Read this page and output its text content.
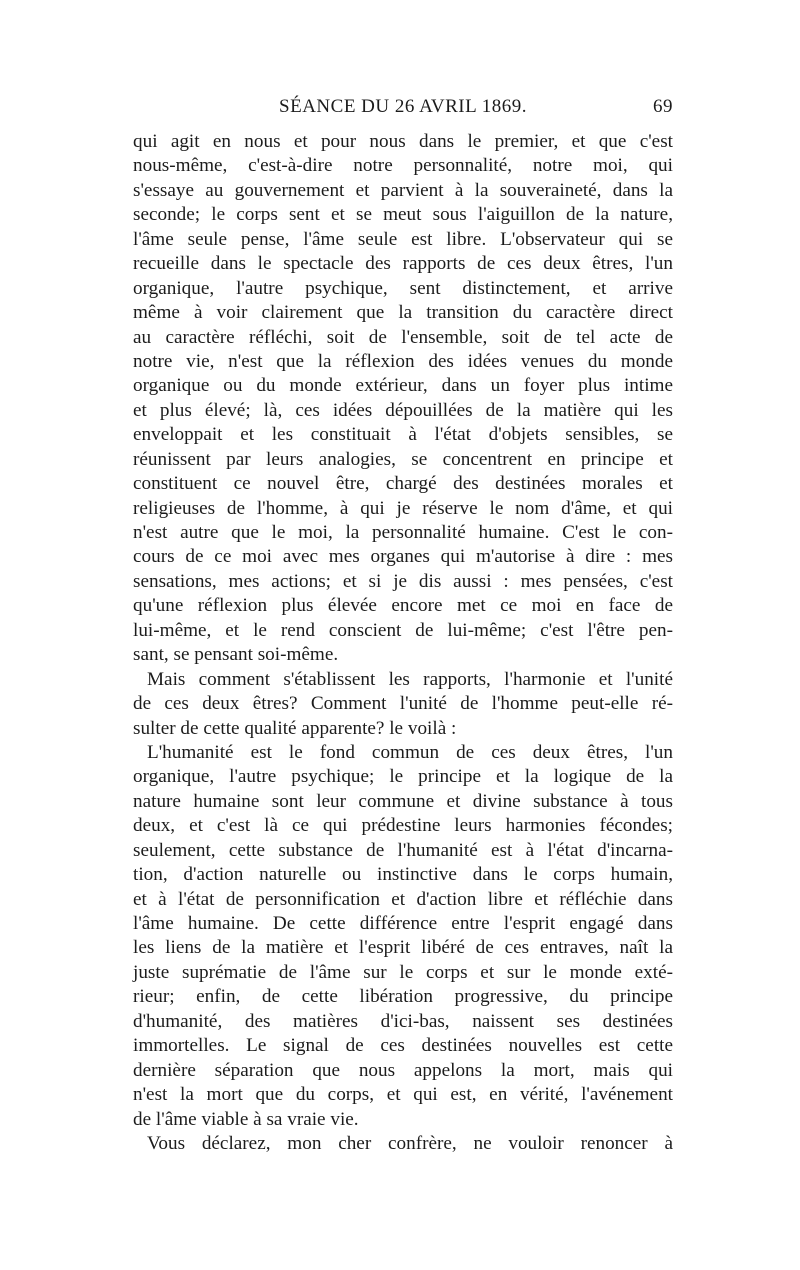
SÉANCE DU 26 AVRIL 1869.	69
qui agit en nous et pour nous dans le premier, et que c'est
nous-même, c'est-à-dire notre personnalité, notre moi, qui
s'essaye au gouvernement et parvient à la souveraineté, dans la
seconde; le corps sent et se meut sous l'aiguillon de la nature,
l'âme seule pense, l'âme seule est libre. L'observateur qui se
recueille dans le spectacle des rapports de ces deux êtres, l'un
organique, l'autre psychique, sent distinctement, et arrive
même à voir clairement que la transition du caractère direct
au caractère réfléchi, soit de l'ensemble, soit de tel acte de
notre vie, n'est que la réflexion des idées venues du monde
organique ou du monde extérieur, dans un foyer plus intime
et plus élevé; là, ces idées dépouillées de la matière qui les
enveloppait et les constituait à l'état d'objets sensibles, se
réunissent par leurs analogies, se concentrent en principe et
constituent ce nouvel être, chargé des destinées morales et
religieuses de l'homme, à qui je réserve le nom d'âme, et qui
n'est autre que le moi, la personnalité humaine. C'est le con-
cours de ce moi avec mes organes qui m'autorise à dire : mes
sensations, mes actions; et si je dis aussi : mes pensées, c'est
qu'une réflexion plus élevée encore met ce moi en face de
lui-même, et le rend conscient de lui-même; c'est l'être pen-
sant, se pensant soi-même.
Mais comment s'établissent les rapports, l'harmonie et l'unité
de ces deux êtres? Comment l'unité de l'homme peut-elle ré-
sulter de cette qualité apparente? le voilà :
L'humanité est le fond commun de ces deux êtres, l'un
organique, l'autre psychique; le principe et la logique de la
nature humaine sont leur commune et divine substance à tous
deux, et c'est là ce qui prédestine leurs harmonies fécondes;
seulement, cette substance de l'humanité est à l'état d'incarna-
tion, d'action naturelle ou instinctive dans le corps humain,
et à l'état de personnification et d'action libre et réfléchie dans
l'âme humaine. De cette différence entre l'esprit engagé dans
les liens de la matière et l'esprit libéré de ces entraves, naît la
juste suprématie de l'âme sur le corps et sur le monde exté-
rieur; enfin, de cette libération progressive, du principe
d'humanité, des matières d'ici-bas, naissent ses destinées
immortelles. Le signal de ces destinées nouvelles est cette
dernière séparation que nous appelons la mort, mais qui
n'est la mort que du corps, et qui est, en vérité, l'avénement
de l'âme viable à sa vraie vie.
Vous déclarez, mon cher confrère, ne vouloir renoncer à
